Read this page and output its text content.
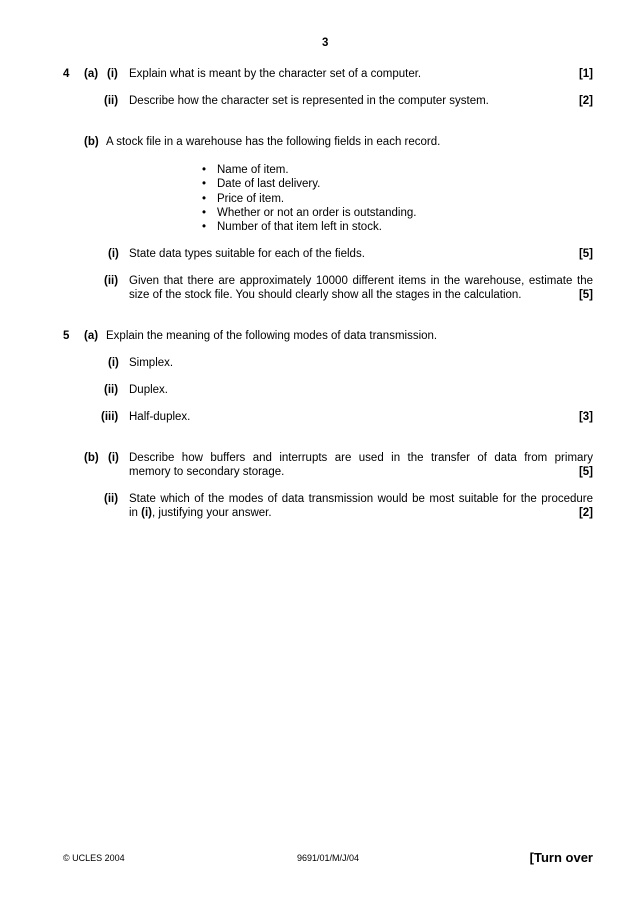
3
4 (a) (i) Explain what is meant by the character set of a computer.	[1]
(ii) Describe how the character set is represented in the computer system.	[2]
(b) A stock file in a warehouse has the following fields in each record.
• Name of item.
• Date of last delivery.
• Price of item.
• Whether or not an order is outstanding.
• Number of that item left in stock.
(i) State data types suitable for each of the fields.	[5]
(ii) Given that there are approximately 10000 different items in the warehouse, estimate the
size of the stock file. You should clearly show all the stages in the calculation.	[5]
5 (a) Explain the meaning of the following modes of data transmission.
(i) Simplex.
(ii) Duplex.
(iii) Half-duplex.	[3]
(b) (i) Describe how buffers and interrupts are used in the transfer of data from primary
memory to secondary storage.	[5]
(ii) State which of the modes of data transmission would be most suitable for the procedure
in (i), justifying your answer.	[2]
© UCLES 2004	9691/01/M/J/04	[Turn over
